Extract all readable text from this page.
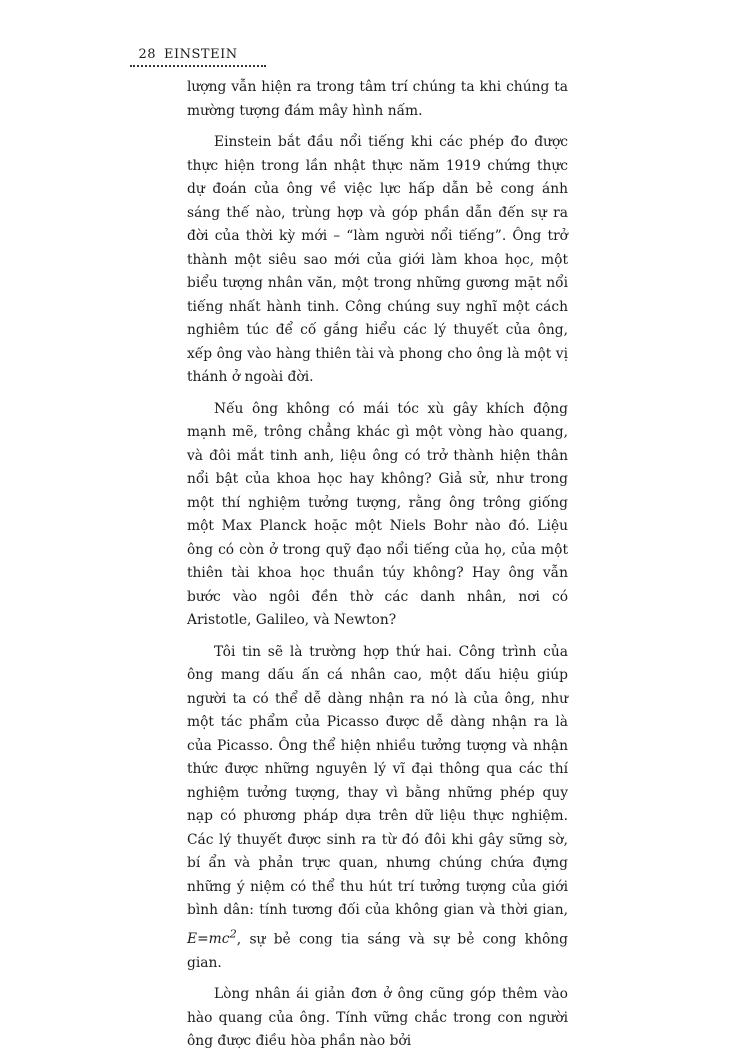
28 EINSTEIN

lượng vẫn hiện ra trong tâm trí chúng ta khi chúng ta mường tượng đám mây hình nấm.

Einstein bắt đầu nổi tiếng khi các phép đo được thực hiện trong lần nhật thực năm 1919 chứng thực dự đoán của ông về việc lực hấp dẫn bẻ cong ánh sáng thế nào, trùng hợp và góp phần dẫn đến sự ra đời của thời kỳ mới – “làm người nổi tiếng”. Ông trở thành một siêu sao mới của giới làm khoa học, một biểu tượng nhân văn, một trong những gương mặt nổi tiếng nhất hành tinh. Công chúng suy nghĩ một cách nghiêm túc để cố gắng hiểu các lý thuyết của ông, xếp ông vào hàng thiên tài và phong cho ông là một vị thánh ở ngoài đời.

Nếu ông không có mái tóc xù gây khích động mạnh mẽ, trông chẳng khác gì một vòng hào quang, và đôi mắt tinh anh, liệu ông có trở thành hiện thân nổi bật của khoa học hay không? Giả sử, như trong một thí nghiệm tưởng tượng, rằng ông trông giống một Max Planck hoặc một Niels Bohr nào đó. Liệu ông có còn ở trong quỹ đạo nổi tiếng của họ, của một thiên tài khoa học thuần túy không? Hay ông vẫn bước vào ngôi đền thờ các danh nhân, nơi có Aristotle, Galileo, và Newton?

Tôi tin sẽ là trường hợp thứ hai. Công trình của ông mang dấu ấn cá nhân cao, một dấu hiệu giúp người ta có thể dễ dàng nhận ra nó là của ông, như một tác phẩm của Picasso được dễ dàng nhận ra là của Picasso. Ông thể hiện nhiều tưởng tượng và nhận thức được những nguyên lý vĩ đại thông qua các thí nghiệm tưởng tượng, thay vì bằng những phép quy nạp có phương pháp dựa trên dữ liệu thực nghiệm. Các lý thuyết được sinh ra từ đó đôi khi gây sững sờ, bí ẩn và phản trực quan, nhưng chúng chứa đựng những ý niệm có thể thu hút trí tưởng tượng của giới bình dân: tính tương đối của không gian và thời gian, $E=mc^2$, sự bẻ cong tia sáng và sự bẻ cong không gian.

Lòng nhân ái giản đơn ở ông cũng góp thêm vào hào quang của ông. Tính vững chắc trong con người ông được điều hòa phần nào bởi
